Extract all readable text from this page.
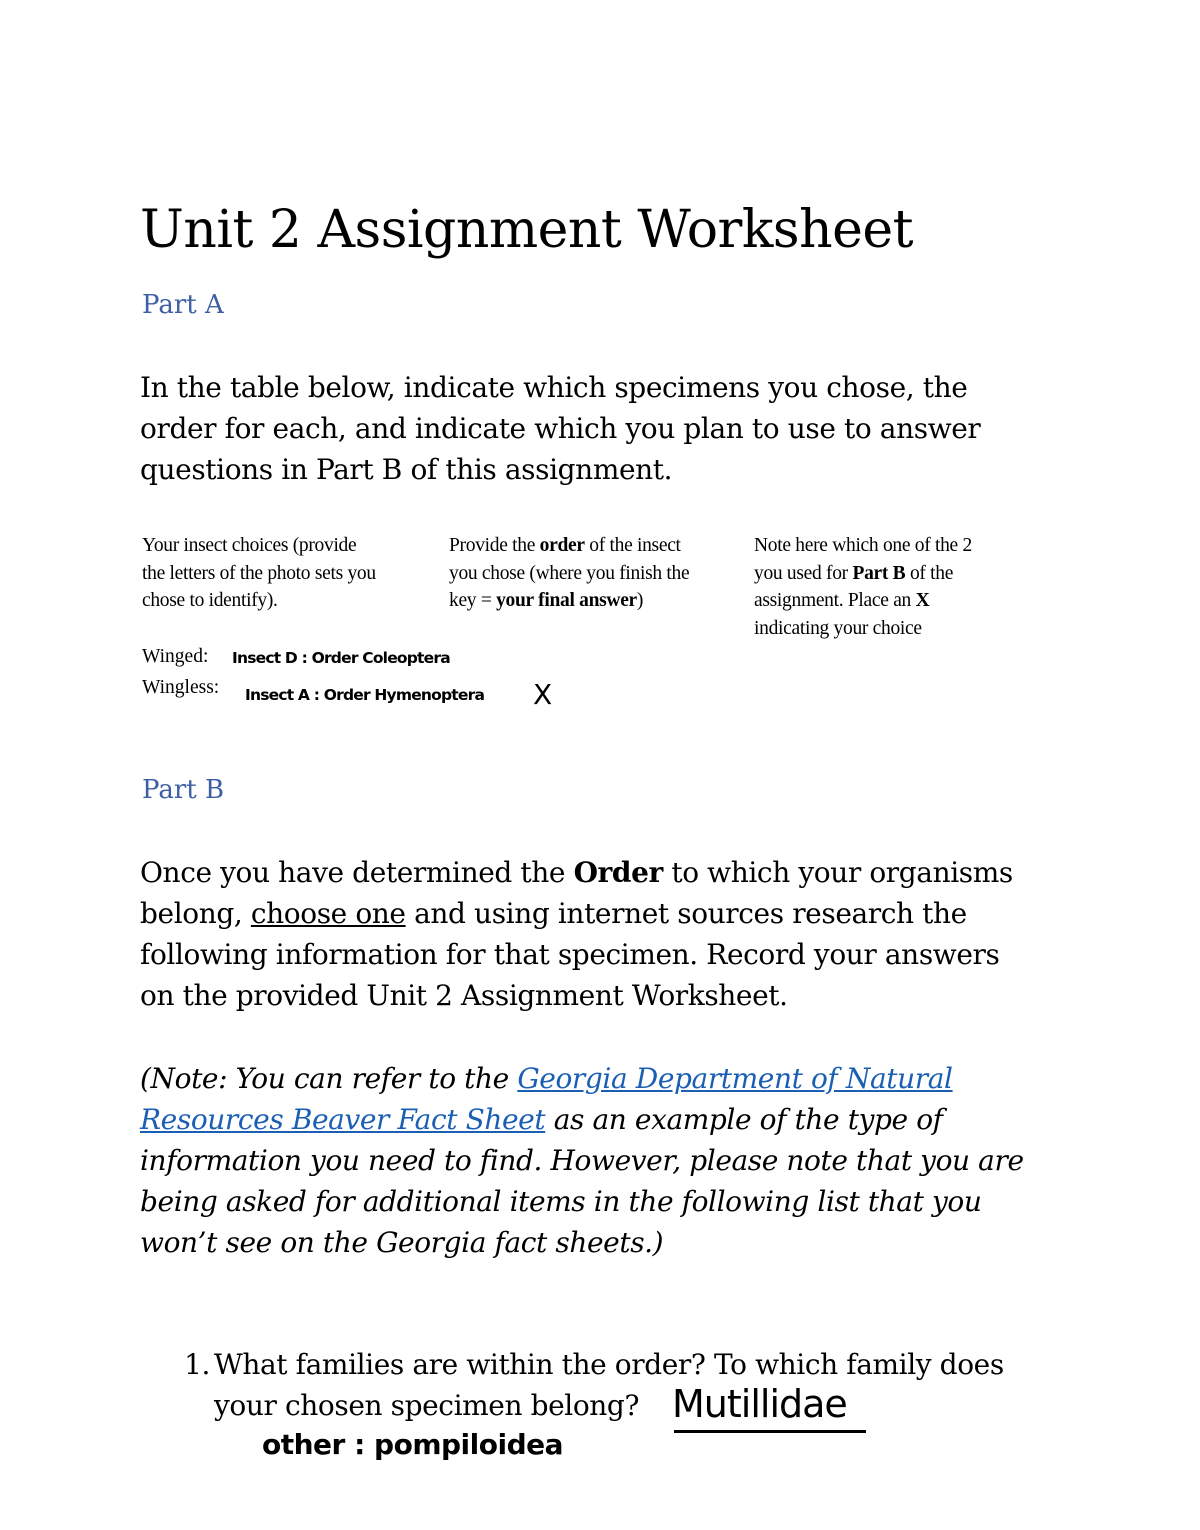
Unit 2 Assignment Worksheet
Part A
In the table below, indicate which specimens you chose, the
order for each, and indicate which you plan to use to answer
questions in Part B of this assignment.
Your insect choices (provide
the letters of the photo sets you
chose to identify).
Provide the order of the insect
you chose (where you finish the
key = your final answer)
Note here which one of the 2
you used for Part B of the
assignment. Place an X
indicating your choice
Winged: Insect D : Order Coleoptera
Wingless: Insect A : Order Hymenoptera X
Part B
Once you have determined the Order to which your organisms
belong, choose one and using internet sources research the
following information for that specimen. Record your answers
on the provided Unit 2 Assignment Worksheet.
(Note: You can refer to the Georgia Department of Natural
Resources Beaver Fact Sheet as an example of the type of
information you need to find. However, please note that you are
being asked for additional items in the following list that you
won’t see on the Georgia fact sheets.)
1. What families are within the order? To which family does
your chosen specimen belong? Mutillidae
other : pompiloidea
